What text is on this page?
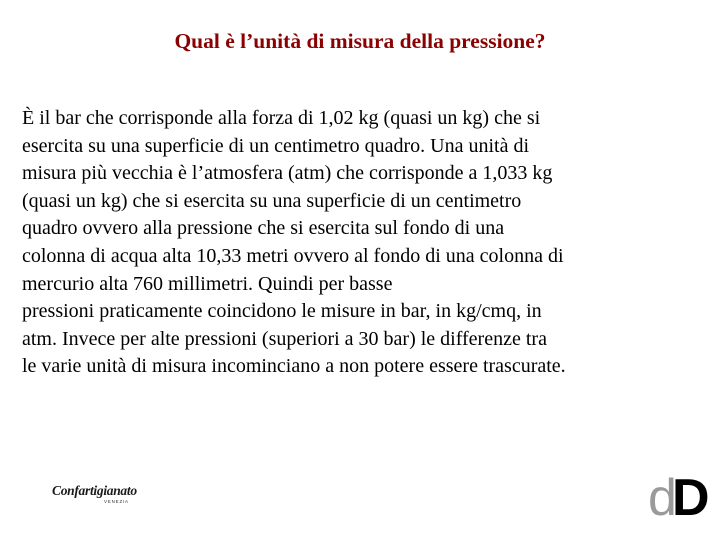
Qual è l’unità di misura della pressione?
È il bar che corrisponde alla forza di 1,02 kg (quasi un kg) che si
esercita su una superficie di un centimetro quadro. Una unità di
misura più vecchia è l’atmosfera (atm) che corrisponde a 1,033 kg
(quasi un kg) che si esercita su una superficie di un centimetro
quadro ovvero alla pressione che si esercita sul fondo di una
colonna di acqua alta 10,33 metri ovvero al fondo di una colonna di
mercurio alta 760 millimetri. Quindi per basse
pressioni praticamente coincidono le misure in bar, in kg/cmq, in
atm. Invece per alte pressioni (superiori a 30 bar) le differenze tra
le varie unità di misura incominciano a non potere essere trascurate.
Confartigianato
VENEZIA	d
D
